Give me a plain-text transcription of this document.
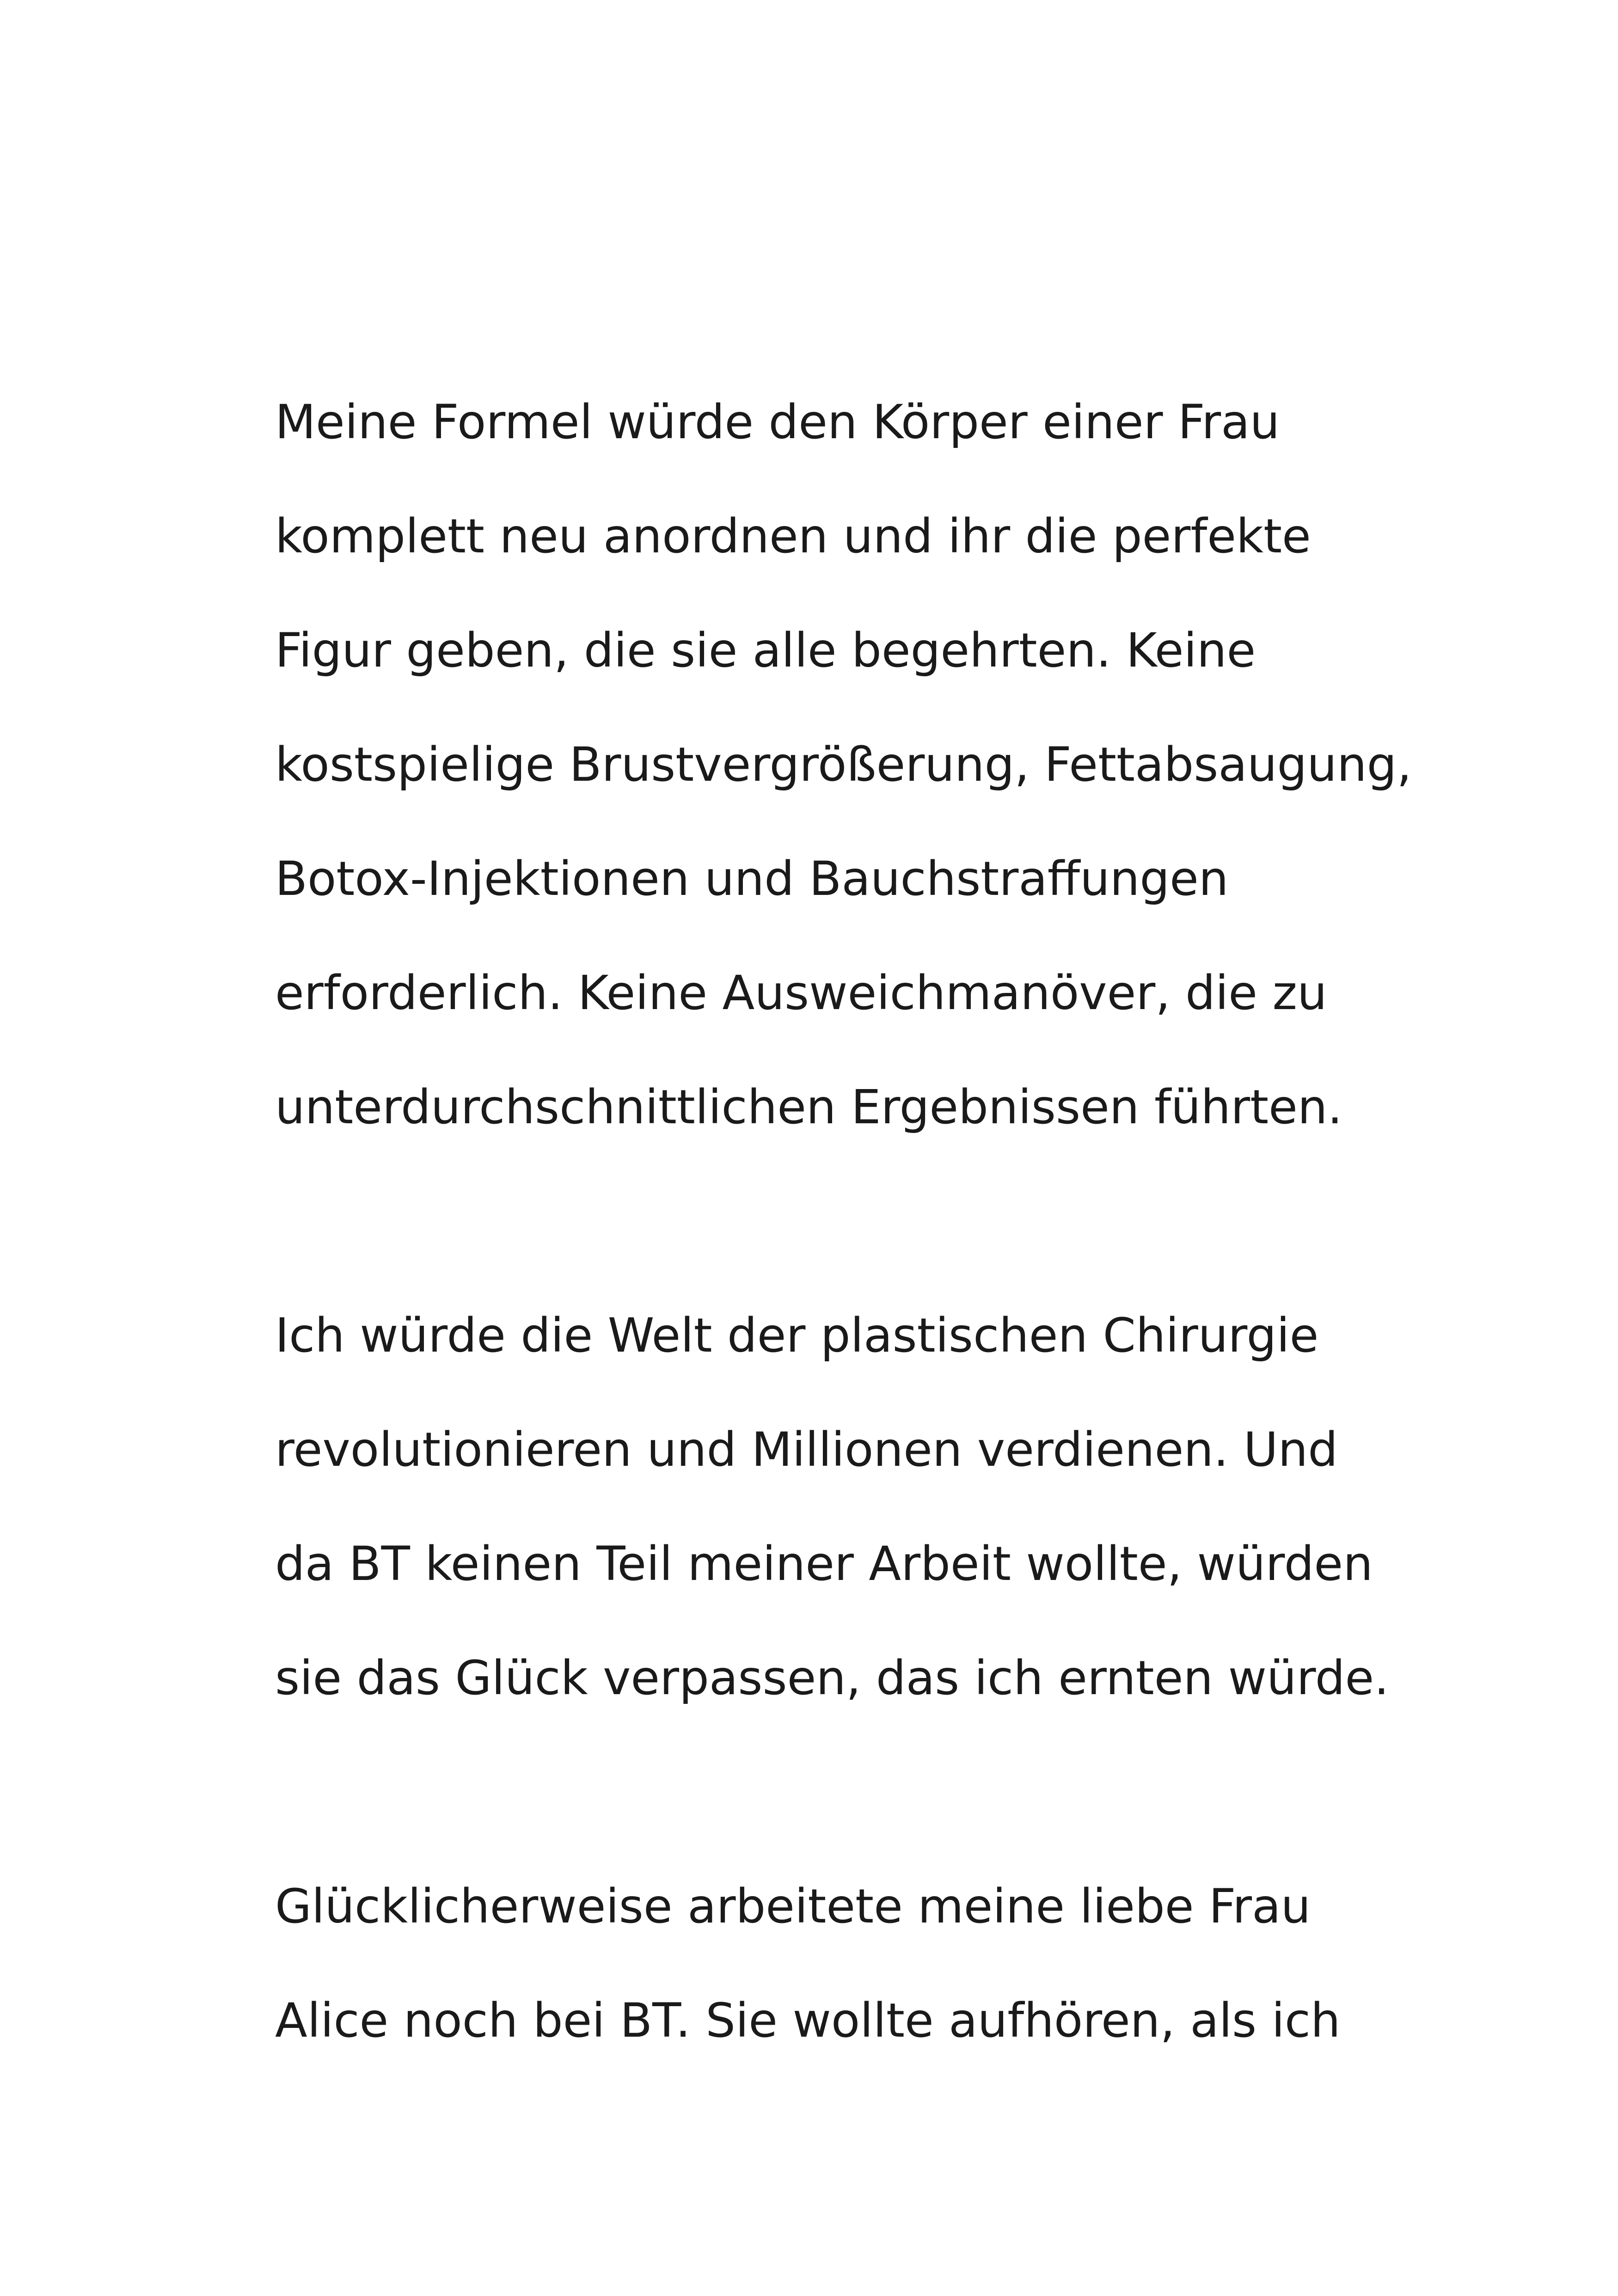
Meine Formel würde den Körper einer Frau
komplett neu anordnen und ihr die perfekte
Figur geben, die sie alle begehrten. Keine
kostspielige Brustvergrößerung, Fettabsaugung,
Botox-Injektionen und Bauchstraffungen
erforderlich. Keine Ausweichmanöver, die zu
unterdurchschnittlichen Ergebnissen führten.
Ich würde die Welt der plastischen Chirurgie
revolutionieren und Millionen verdienen. Und
da BT keinen Teil meiner Arbeit wollte, würden
sie das Glück verpassen, das ich ernten würde.
Glücklicherweise arbeitete meine liebe Frau
Alice noch bei BT. Sie wollte aufhören, als ich
